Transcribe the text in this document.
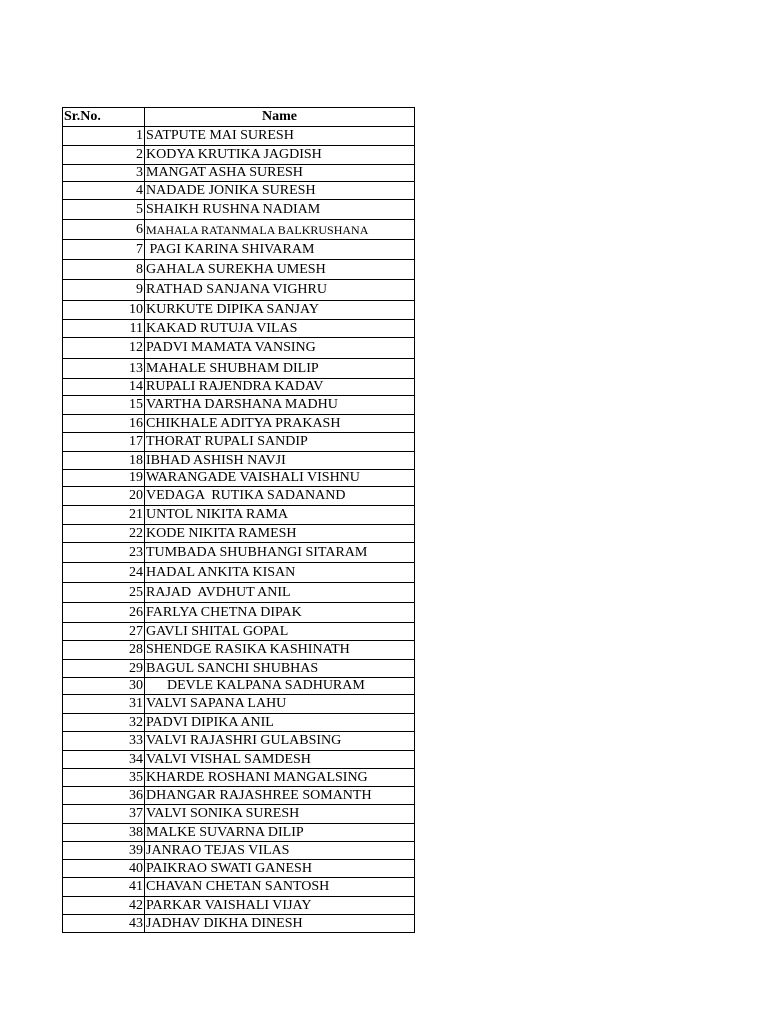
Sr.No.	Name
1	SATPUTE MAI SURESH
2	KODYA KRUTIKA JAGDISH
3	MANGAT ASHA SURESH
4	NADADE JONIKA SURESH
5	SHAIKH RUSHNA NADIAM
6	MAHALA RATANMALA BALKRUSHANA
7	PAGI KARINA SHIVARAM
8	GAHALA SUREKHA UMESH
9	RATHAD SANJANA VIGHRU
10	KURKUTE DIPIKA SANJAY
11	KAKAD RUTUJA VILAS
12	PADVI MAMATA VANSING
13	MAHALE SHUBHAM DILIP
14	RUPALI RAJENDRA KADAV
15	VARTHA DARSHANA MADHU
16	CHIKHALE ADITYA PRAKASH
17	THORAT RUPALI SANDIP
18	IBHAD ASHISH NAVJI
19	WARANGADE VAISHALI VISHNU
20	VEDAGA  RUTIKA SADANAND
21	UNTOL NIKITA RAMA
22	KODE NIKITA RAMESH
23	TUMBADA SHUBHANGI SITARAM
24	HADAL ANKITA KISAN
25	RAJAD  AVDHUT ANIL
26	FARLYA CHETNA DIPAK
27	GAVLI SHITAL GOPAL
28	SHENDGE RASIKA KASHINATH
29	BAGUL SANCHI SHUBHAS
30	DEVLE KALPANA SADHURAM
31	VALVI SAPANA LAHU
32	PADVI DIPIKA ANIL
33	VALVI RAJASHRI GULABSING
34	VALVI VISHAL SAMDESH
35	KHARDE ROSHANI MANGALSING
36	DHANGAR RAJASHREE SOMANTH
37	VALVI SONIKA SURESH
38	MALKE SUVARNA DILIP
39	JANRAO TEJAS VILAS
40	PAIKRAO SWATI GANESH
41	CHAVAN CHETAN SANTOSH
42	PARKAR VAISHALI VIJAY
43	JADHAV DIKHA DINESH
